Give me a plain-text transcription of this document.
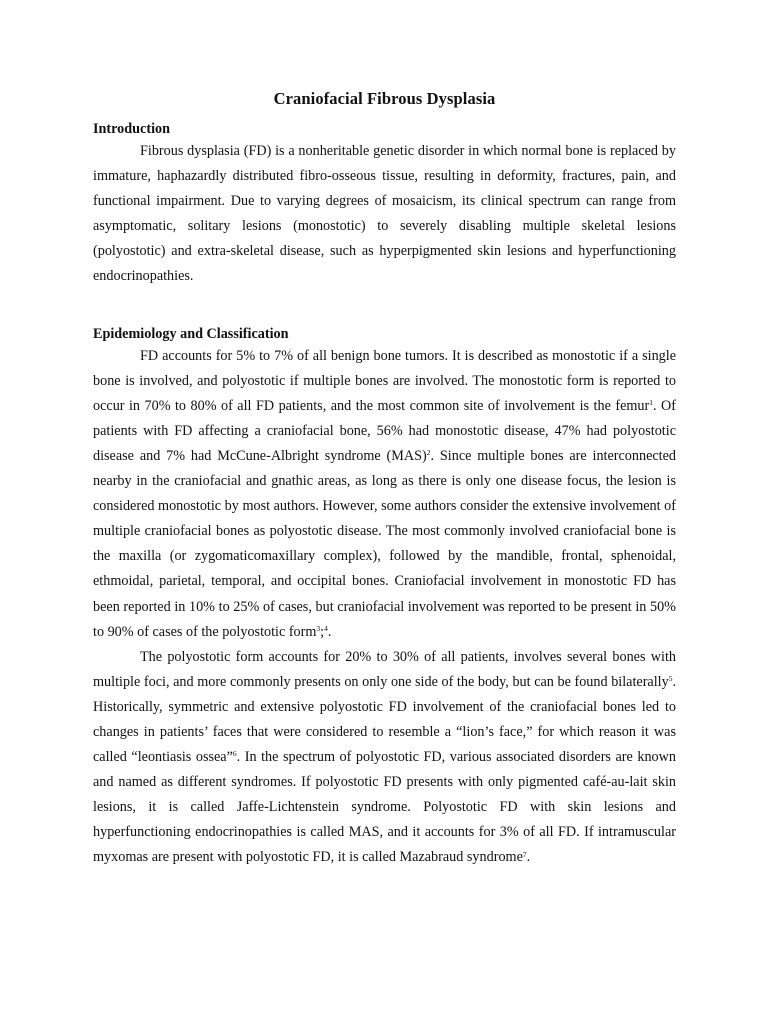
Craniofacial Fibrous Dysplasia
Introduction

Fibrous dysplasia (FD) is a nonheritable genetic disorder in which normal bone is replaced by immature, haphazardly distributed fibro-osseous tissue, resulting in deformity, fractures, pain, and functional impairment. Due to varying degrees of mosaicism, its clinical spectrum can range from asymptomatic, solitary lesions (monostotic) to severely disabling multiple skeletal lesions (polyostotic) and extra-skeletal disease, such as hyperpigmented skin lesions and hyperfunctioning endocrinopathies.

Epidemiology and Classification

FD accounts for 5% to 7% of all benign bone tumors. It is described as monostotic if a single bone is involved, and polyostotic if multiple bones are involved. The monostotic form is reported to occur in 70% to 80% of all FD patients, and the most common site of involvement is the femur$^1$. Of patients with FD affecting a craniofacial bone, 56% had monostotic disease, 47% had polyostotic disease and 7% had McCune-Albright syndrome (MAS)$^2$. Since multiple bones are interconnected nearby in the craniofacial and gnathic areas, as long as there is only one disease focus, the lesion is considered monostotic by most authors. However, some authors consider the extensive involvement of multiple craniofacial bones as polyostotic disease. The most commonly involved craniofacial bone is the maxilla (or zygomaticomaxillary complex), followed by the mandible, frontal, sphenoidal, ethmoidal, parietal, temporal, and occipital bones. Craniofacial involvement in monostotic FD has been reported in 10% to 25% of cases, but craniofacial involvement was reported to be present in 50% to 90% of cases of the polyostotic form$^3$;$^4$.

The polyostotic form accounts for 20% to 30% of all patients, involves several bones with multiple foci, and more commonly presents on only one side of the body, but can be found bilaterally$^5$. Historically, symmetric and extensive polyostotic FD involvement of the craniofacial bones led to changes in patients’ faces that were considered to resemble a “lion’s face,” for which reason it was called “leontiasis ossea”$^6$. In the spectrum of polyostotic FD, various associated disorders are known and named as different syndromes. If polyostotic FD presents with only pigmented café-au-lait skin lesions, it is called Jaffe-Lichtenstein syndrome. Polyostotic FD with skin lesions and hyperfunctioning endocrinopathies is called MAS, and it accounts for 3% of all FD. If intramuscular myxomas are present with polyostotic FD, it is called Mazabraud syndrome$^7$.
